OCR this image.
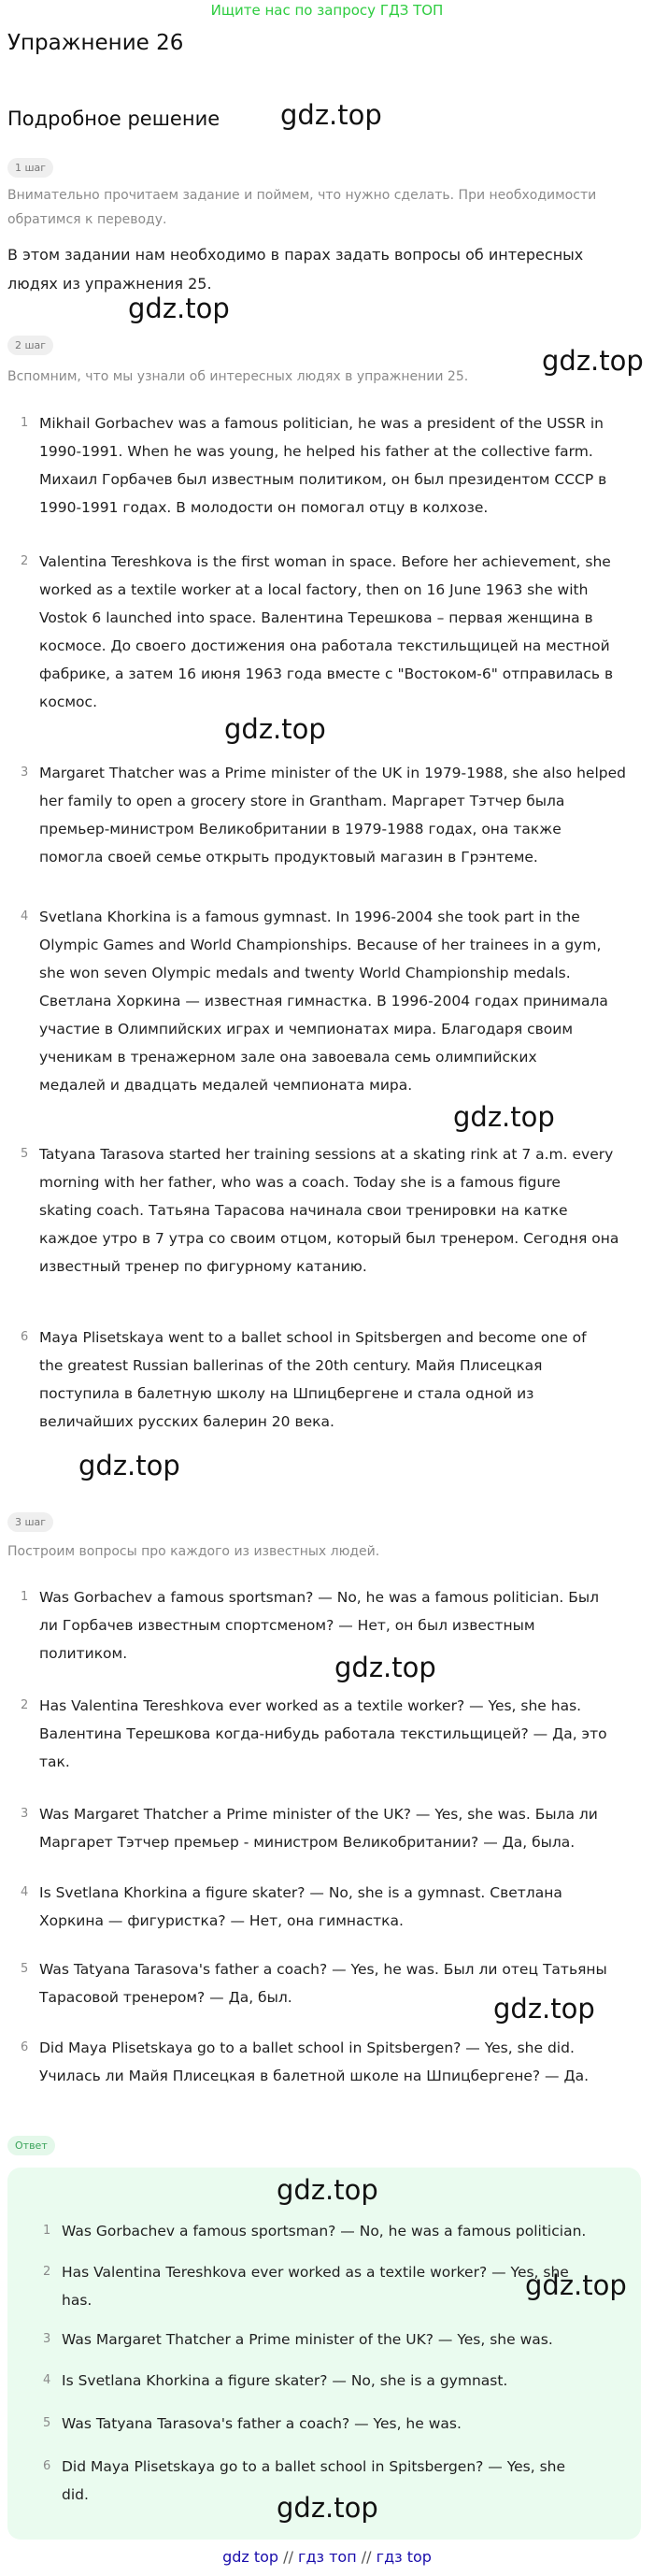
Ищите нас по запросу ГДЗ ТОП
Упражнение 26
Подробное решение gdz.top
gdz.top
gdz.top
gdz.top
gdz.top
gdz.top
gdz.top
gdz.top
1 шаг
Внимательно прочитаем задание и поймем, что нужно сделать. При необходимости
обратимся к переводу.
В этом задании нам необходимо в парах задать вопросы об интересных
людях из упражнения 25.
2 шаг
Вспомним, что мы узнали об интересных людях в упражнении 25.
1 Mikhail Gorbachev was a famous politician, he was a president of the USSR in
1990-1991. When he was young, he helped his father at the collective farm.
Михаил Горбачев был известным политиком, он был президентом СССР в
1990-1991 годах. В молодости он помогал отцу в колхозе.
2 Valentina Tereshkova is the first woman in space. Before her achievement, she
worked as a textile worker at a local factory, then on 16 June 1963 she with
Vostok 6 launched into space. Валентина Терешкова – первая женщина в
космосе. До своего достижения она работала текстильщицей на местной
фабрике, а затем 16 июня 1963 года вместе с "Востоком-6" отправилась в
космос.
3 Margaret Thatcher was a Prime minister of the UK in 1979-1988, she also helped
her family to open a grocery store in Grantham. Маргарет Тэтчер была
премьер-министром Великобритании в 1979-1988 годах, она также
помогла своей семье открыть продуктовый магазин в Грэнтеме.
4 Svetlana Khorkina is a famous gymnast. In 1996-2004 she took part in the
Olympic Games and World Championships. Because of her trainees in a gym,
she won seven Olympic medals and twenty World Championship medals.
Светлана Хоркина — известная гимнастка. В 1996-2004 годах принимала
участие в Олимпийских играх и чемпионатах мира. Благодаря своим
ученикам в тренажерном зале она завоевала семь олимпийских
медалей и двадцать медалей чемпионата мира.
5 Tatyana Tarasova started her training sessions at a skating rink at 7 a.m. every
morning with her father, who was a coach. Today she is a famous figure
skating coach. Татьяна Тарасова начинала свои тренировки на катке
каждое утро в 7 утра со своим отцом, который был тренером. Сегодня она
известный тренер по фигурному катанию.
6 Maya Plisetskaya went to a ballet school in Spitsbergen and become one of
the greatest Russian ballerinas of the 20th century. Майя Плисецкая
поступила в балетную школу на Шпицбергене и стала одной из
величайших русских балерин 20 века.
3 шаг
Построим вопросы про каждого из известных людей.
1 Was Gorbachev a famous sportsman? — No, he was a famous politician. Был
ли Горбачев известным спортсменом? — Нет, он был известным
политиком.
2 Has Valentina Tereshkova ever worked as a textile worker? — Yes, she has.
Валентина Терешкова когда-нибудь работала текстильщицей? — Да, это
так.
3 Was Margaret Thatcher a Prime minister of the UK? — Yes, she was. Была ли
Маргарет Тэтчер премьер - министром Великобритании? — Да, была.
4 Is Svetlana Khorkina a figure skater? — No, she is a gymnast. Светлана
Хоркина — фигуристка? — Нет, она гимнастка.
5 Was Tatyana Tarasova's father a coach? — Yes, he was. Был ли отец Татьяны
Тарасовой тренером? — Да, был.
6 Did Maya Plisetskaya go to a ballet school in Spitsbergen? — Yes, she did.
Училась ли Майя Плисецкая в балетной школе на Шпицбергене? — Да.
Ответ
gdz.top
1 Was Gorbachev a famous sportsman? — No, he was a famous politician.
2 Has Valentina Tereshkova ever worked as a textile worker? — Yes, she
has.	gdz.top
3 Was Margaret Thatcher a Prime minister of the UK? — Yes, she was.
4 Is Svetlana Khorkina a figure skater? — No, she is a gymnast.
5 Was Tatyana Tarasova's father a coach? — Yes, he was.
6 Did Maya Plisetskaya go to a ballet school in Spitsbergen? — Yes, she
did.	gdz.top
gdz top // гдз топ // гдз top
